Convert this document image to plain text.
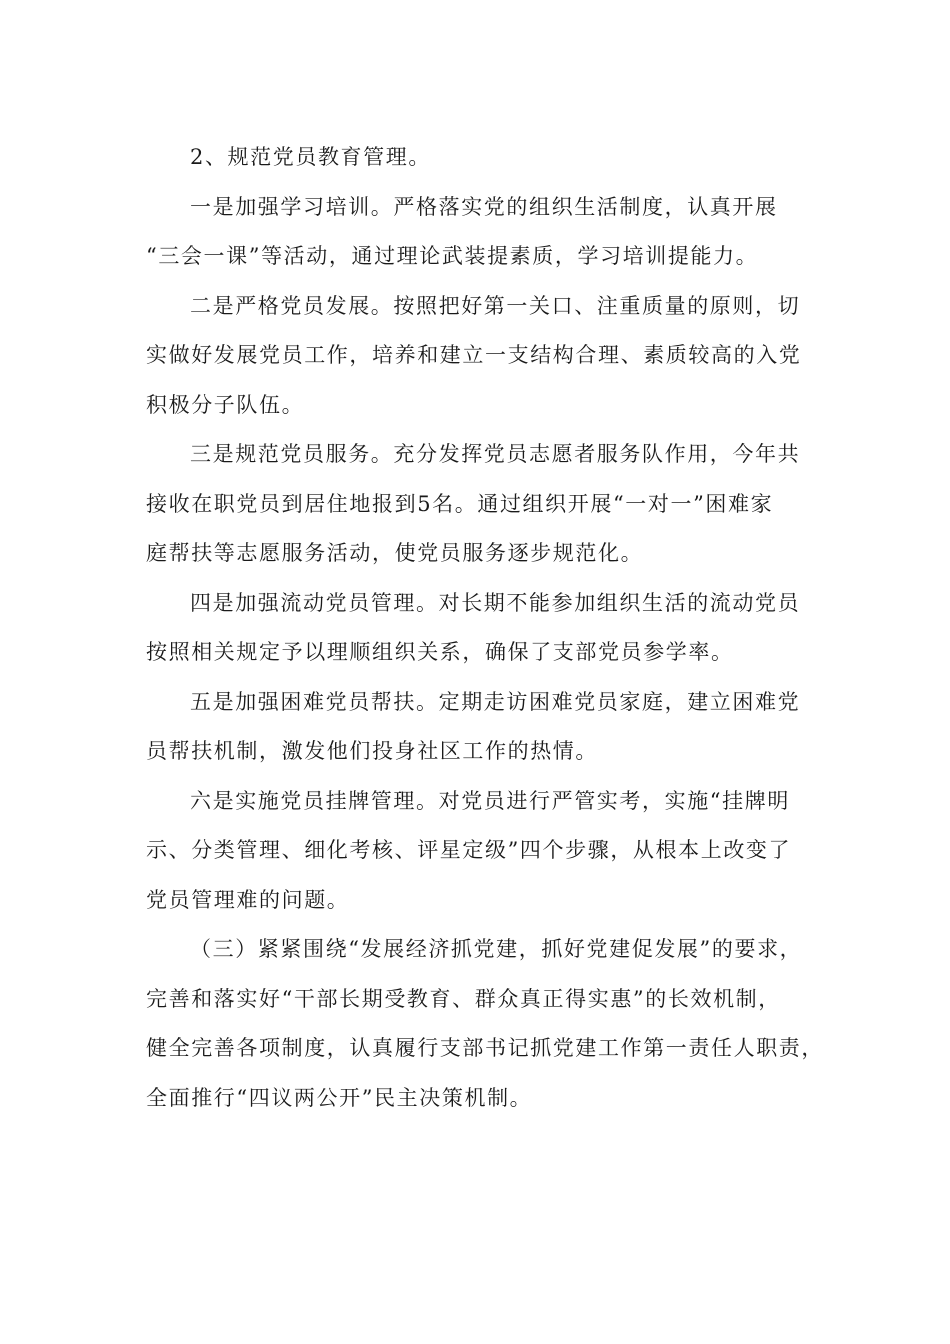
2、规范党员教育管理。
一是加强学习培训。严格落实党的组织生活制度，认真开展
“三会一课”等活动，通过理论武装提素质，学习培训提能力。
二是严格党员发展。按照把好第一关口、注重质量的原则，切
实做好发展党员工作，培养和建立一支结构合理、素质较高的入党
积极分子队伍。
三是规范党员服务。充分发挥党员志愿者服务队作用，今年共
接收在职党员到居住地报到5名。通过组织开展“一对一”困难家
庭帮扶等志愿服务活动，使党员服务逐步规范化。
四是加强流动党员管理。对长期不能参加组织生活的流动党员
按照相关规定予以理顺组织关系，确保了支部党员参学率。
五是加强困难党员帮扶。定期走访困难党员家庭，建立困难党
员帮扶机制，激发他们投身社区工作的热情。
六是实施党员挂牌管理。对党员进行严管实考，实施“挂牌明
示、分类管理、细化考核、评星定级”四个步骤，从根本上改变了
党员管理难的问题。
（三）紧紧围绕“发展经济抓党建，抓好党建促发展”的要求，
完善和落实好“干部长期受教育、群众真正得实惠”的长效机制，
健全完善各项制度，认真履行支部书记抓党建工作第一责任人职责，
全面推行“四议两公开”民主决策机制。
